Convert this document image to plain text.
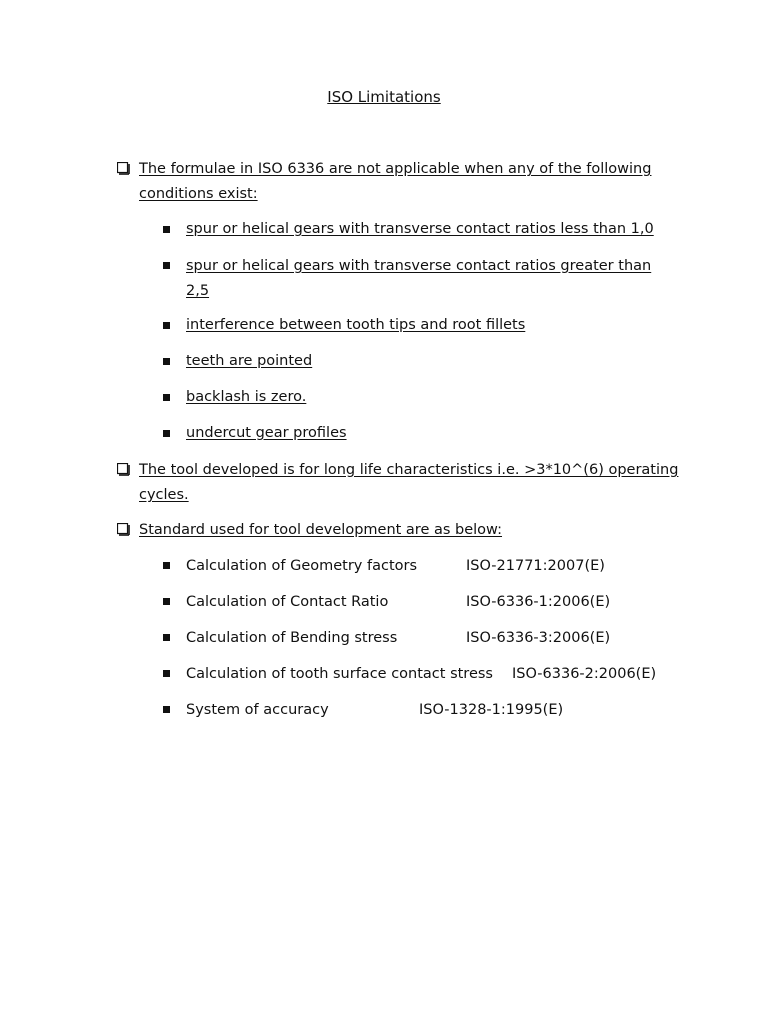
ISO Limitations
The formulae in ISO 6336 are not applicable when any of the following conditions exist:
spur or helical gears with transverse contact ratios less than 1,0
spur or helical gears with transverse contact ratios greater than 2,5
interference between tooth tips and root fillets
teeth are pointed
backlash is zero.
undercut gear profiles
The tool developed is for long life characteristics i.e. >3*10^(6) operating cycles.
Standard used for tool development are as below:
Calculation of Geometry factors	ISO-21771:2007(E)
Calculation of Contact Ratio	ISO-6336-1:2006(E)
Calculation of Bending stress	ISO-6336-3:2006(E)
Calculation of tooth surface contact stress ISO-6336-2:2006(E)
System of accuracy	ISO-1328-1:1995(E)
